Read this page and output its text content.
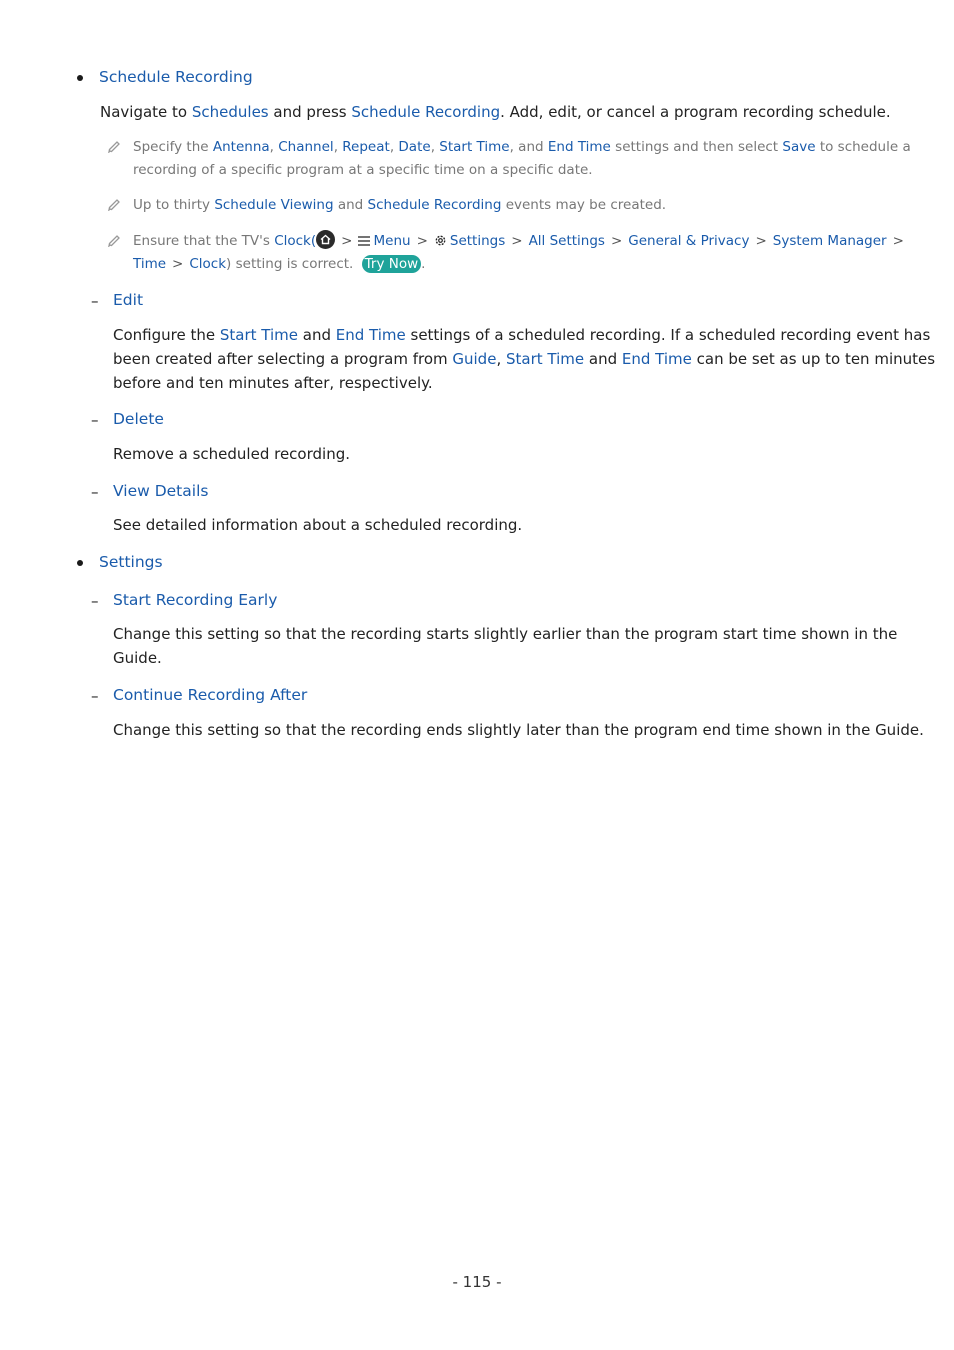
Schedule Recording
Navigate to Schedules and press Schedule Recording. Add, edit, or cancel a program recording schedule.
Specify the Antenna, Channel, Repeat, Date, Start Time, and End Time settings and then select Save to schedule a
recording of a specific program at a specific time on a specific date.
Up to thirty Schedule Viewing and Schedule Recording events may be created.
Ensure that the TV's Clock( > Menu > Settings > All Settings > General & Privacy > System Manager >
Time > Clock) setting is correct. Try Now .
– Edit
Configure the Start Time and End Time settings of a scheduled recording. If a scheduled recording event has
been created after selecting a program from Guide, Start Time and End Time can be set as up to ten minutes
before and ten minutes after, respectively.
– Delete
Remove a scheduled recording.
– View Details
See detailed information about a scheduled recording.
Settings
– Start Recording Early
Change this setting so that the recording starts slightly earlier than the program start time shown in the
Guide.
– Continue Recording After
Change this setting so that the recording ends slightly later than the program end time shown in the Guide.
- 115 -
